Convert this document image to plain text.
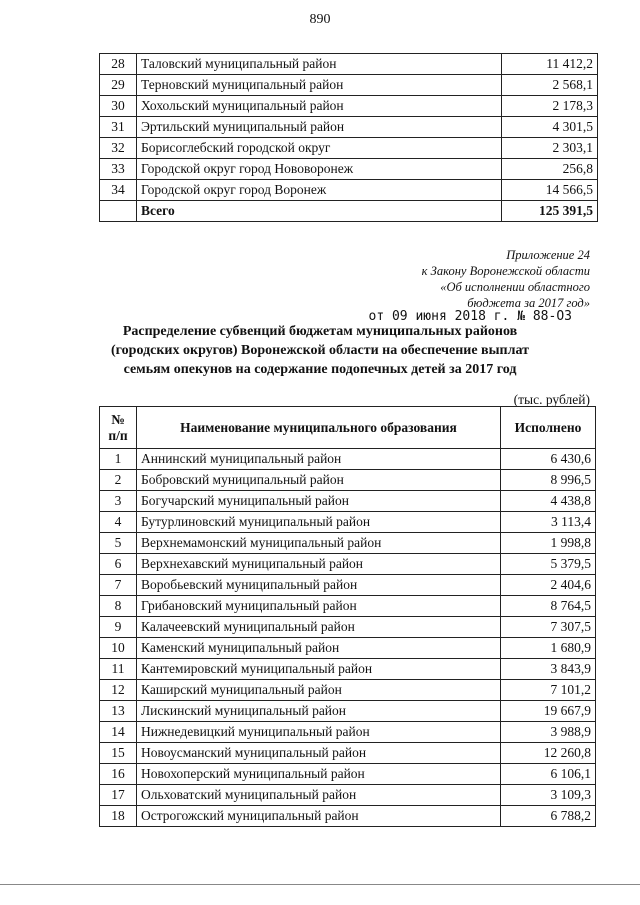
890
28	Таловский муниципальный район	11 412,2
29	Терновский муниципальный район	2 568,1
30	Хохольский муниципальный район	2 178,3
31	Эртильский муниципальный район	4 301,5
32	Борисоглебский городской округ	2 303,1
33	Городской округ город Нововоронеж	256,8
34	Городской округ город Воронеж	14 566,5
	Всего	125 391,5
Приложение 24
к Закону Воронежской области
«Об исполнении областного
бюджета за 2017 год»
от 09 июня 2018 г. № 88-ОЗ
Распределение субвенций бюджетам муниципальных районов
(городских округов) Воронежской области на обеспечение выплат
семьям опекунов на содержание подопечных детей за 2017 год
(тыс. рублей)
№ п/п	Наименование муниципального образования	Исполнено
1	Аннинский муниципальный район	6 430,6
2	Бобровский муниципальный район	8 996,5
3	Богучарский муниципальный район	4 438,8
4	Бутурлиновский муниципальный район	3 113,4
5	Верхнемамонский муниципальный район	1 998,8
6	Верхнехавский муниципальный район	5 379,5
7	Воробьевский муниципальный район	2 404,6
8	Грибановский муниципальный район	8 764,5
9	Калачеевский муниципальный район	7 307,5
10	Каменский муниципальный район	1 680,9
11	Кантемировский муниципальный район	3 843,9
12	Каширский муниципальный район	7 101,2
13	Лискинский муниципальный район	19 667,9
14	Нижнедевицкий муниципальный район	3 988,9
15	Новоусманский муниципальный район	12 260,8
16	Новохоперский муниципальный район	6 106,1
17	Ольховатский муниципальный район	3 109,3
18	Острогожский муниципальный район	6 788,2
